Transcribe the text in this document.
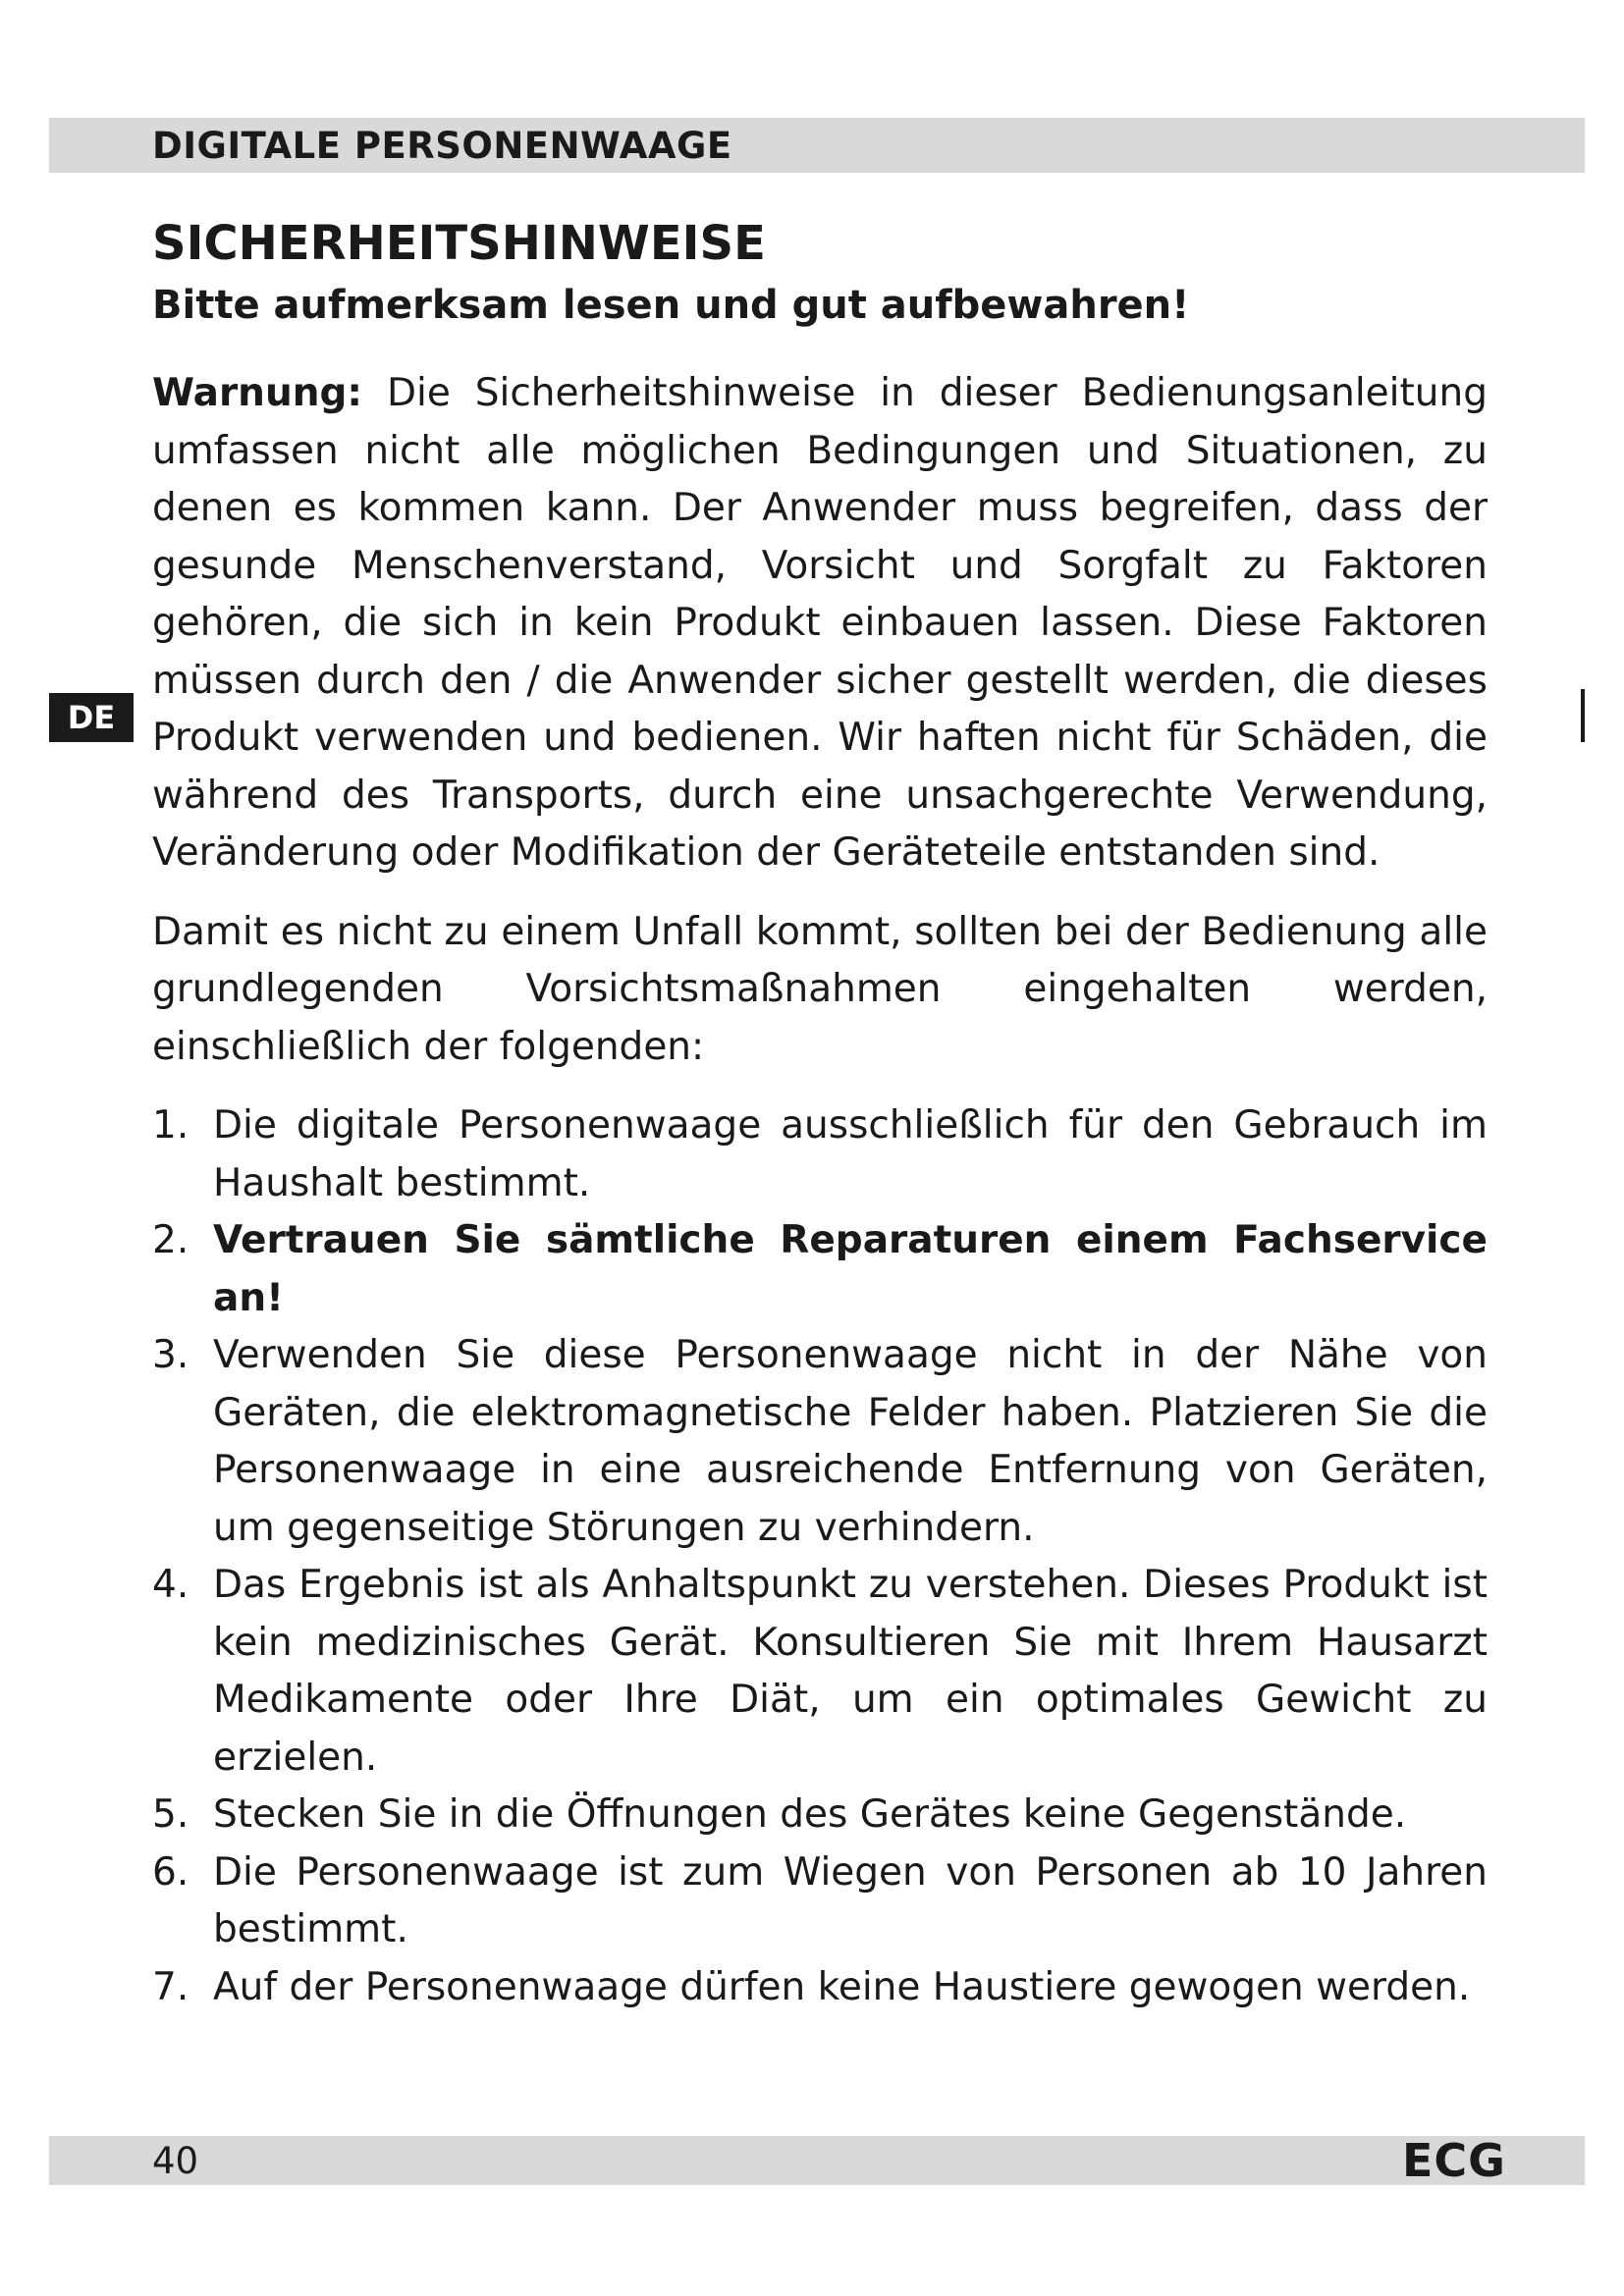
DIGITALE PERSONENWAAGE
SICHERHEITSHINWEISE
Bitte aufmerksam lesen und gut aufbewahren!
DE

Warnung: Die Sicherheitshinweise in dieser Bedienungsanleitung umfassen nicht alle möglichen Bedingungen und Situationen, zu denen es kommen kann. Der Anwender muss begreifen, dass der gesunde Menschenverstand, Vorsicht und Sorgfalt zu Faktoren gehören, die sich in kein Produkt einbauen lassen. Diese Faktoren müssen durch den / die Anwender sicher gestellt werden, die dieses Produkt verwenden und bedienen. Wir haften nicht für Schäden, die während des Transports, durch eine unsachgerechte Verwendung, Veränderung oder Modifikation der Geräteteile entstanden sind.

Damit es nicht zu einem Unfall kommt, sollten bei der Bedienung alle grundlegenden Vorsichtsmaßnahmen eingehalten werden, einschließlich der folgenden:

1. Die digitale Personenwaage ausschließlich für den Gebrauch im Haushalt bestimmt.
2. Vertrauen Sie sämtliche Reparaturen einem Fachservice an!
3. Verwenden Sie diese Personenwaage nicht in der Nähe von Geräten, die elektromagnetische Felder haben. Platzieren Sie die Personenwaage in eine ausreichende Entfernung von Geräten, um gegenseitige Störungen zu verhindern.
4. Das Ergebnis ist als Anhaltspunkt zu verstehen. Dieses Produkt ist kein medizinisches Gerät. Konsultieren Sie mit Ihrem Hausarzt Medikamente oder Ihre Diät, um ein optimales Gewicht zu erzielen.
5. Stecken Sie in die Öffnungen des Gerätes keine Gegenstände.
6. Die Personenwaage ist zum Wiegen von Personen ab 10 Jahren bestimmt.
7. Auf der Personenwaage dürfen keine Haustiere gewogen werden.
40	ECG
